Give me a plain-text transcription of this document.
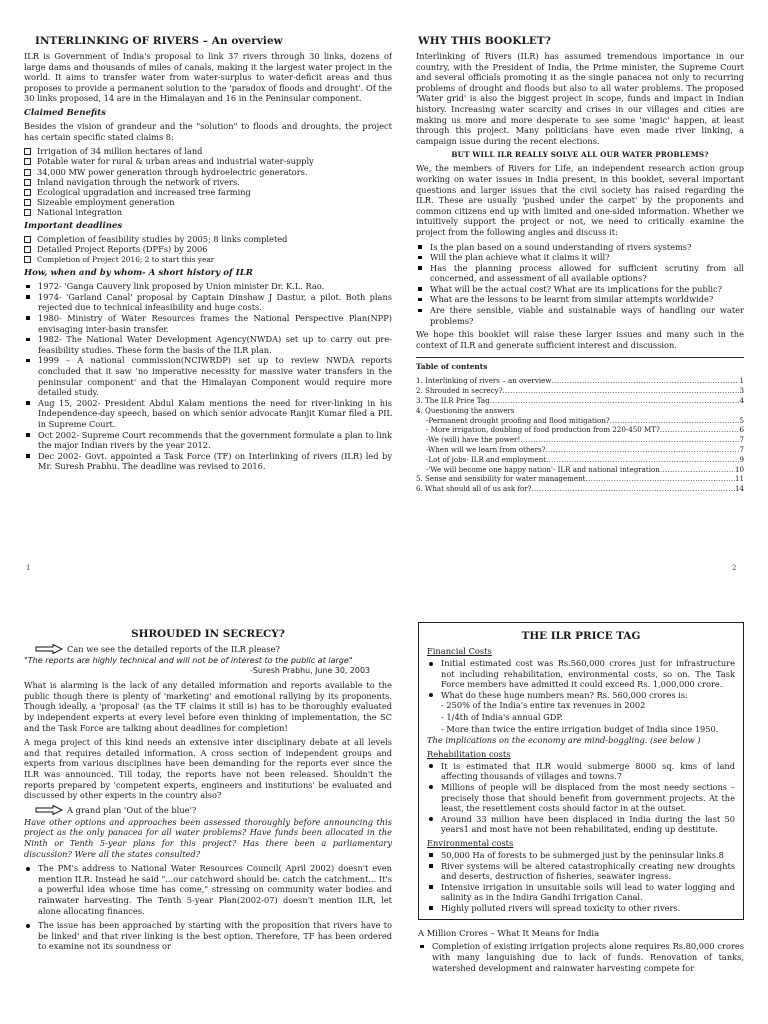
INTERLINKING OF RIVERS – An overview

ILR is Government of India's proposal to link 37 rivers through 30 links, dozens of large dams and thousands of miles of canals, making it the largest water project in the world. It aims to transfer water from water-surplus to water-deficit areas and thus proposes to provide a permanent solution to the 'paradox of floods and drought'. Of the 30 links proposed, 14 are in the Himalayan and 16 in the Peninsular component.

Claimed Benefits

Besides the vision of grandeur and the "solution" to floods and droughts, the project has certain specific stated claims 8:

Irrigation of 34 million hectares of land
Potable water for rural & urban areas and industrial water-supply
34,000 MW power generation through hydroelectric generators.
Inland navigation through the network of rivers.
Ecological upgradation and increased tree farming
Sizeable employment generation
National integration
Important deadlines
Completion of feasibility studies by 2005; 8 links completed
Detailed Project Reports (DPFs) by 2006
Completion of Project 2016; 2 to start this year
How, when and by whom- A short history of ILR
1972- 'Ganga Cauvery link proposed by Union minister Dr. K.L. Rao.
1974- 'Garland Canal' proposal by Captain Dinshaw J Dastur, a pilot. Both plans rejected due to technical infeasibility and huge costs.
1980- Ministry of Water Resources frames the National Perspective Plan(NPP) envisaging inter-basin transfer.
1982- The National Water Development Agency(NWDA) set up to carry out pre-feasibility studies. These form the basis of the ILR plan.
1999 – A national commission(NCIWRDP) set up to review NWDA reports concluded that it saw 'no imperative necessity for massive water transfers in the peninsular component' and that the Himalayan Component would require more detailed study.
Aug 15, 2002- President Abdul Kalam mentions the need for river-linking in his Independence-day speech, based on which senior advocate Ranjit Kumar filed a PIL in Supreme Court.
Oct 2002- Supreme Court recommends that the government formulate a plan to link the major Indian rivers by the year 2012.
Dec 2002- Govt. appointed a Task Force (TF) on Interlinking of rivers (ILR) led by Mr. Suresh Prabhu. The deadline was revised to 2016.
1
WHY THIS BOOKLET?

Interlinking of Rivers (ILR) has assumed tremendous importance in our country, with the President of India, the Prime minister, the Supreme Court and several officials promoting it as the single panacea not only to recurring problems of drought and floods but also to all water problems. The proposed 'Water grid' is also the biggest project in scope, funds and impact in Indian history. Increasing water scarcity and crises in our villages and cities are making us more and more desperate to see some 'magic' happen, at least through this project. Many politicians have even made river linking, a campaign issue during the recent elections.

BUT WILL ILR REALLY SOLVE ALL OUR WATER PROBLEMS?

We, the members of Rivers for Life, an independent research action group working on water issues in India present, in this booklet, several important questions and larger issues that the civil society has raised regarding the ILR. These are usually 'pushed under the carpet' by the proponents and common citizens end up with limited and one-sided information. Whether we intuitively support the project or not, we need to critically examine the project from the following angles and discuss it:

Is the plan based on a sound understanding of rivers systems?
Will the plan achieve what it claims it will?
Has the planning process allowed for sufficient scrutiny from all concerned, and assessment of all available options?
What will be the actual cost? What are its implications for the public?
What are the lessons to be learnt from similar attempts worldwide?
Are there sensible, viable and sustainable ways of handling our water problems?

We hope this booklet will raise these larger issues and many such in the context of ILR and generate sufficient interest and discussion.

Table of contents
1. Interlinking of rivers – an overview .....	1
2. Shrouded in secrecy? .....	3
3. The ILR Price Tag .....	4
4. Questioning the answers
-Permanent drought proofing and flood mitigation? .....	5
- More irrigation, doubling of food production from 220-450 MT? .....	6
-We (will) have the power! .....	7
-When will we learn from others? .....	7
-Lot of jobs- ILR and employment .....	9
-'We will become one happy nation'- ILR and national integration .....	10
5. Sense and sensibility for water management .....	11
6. What should all of us ask for? .....	14
2
SHROUDED IN SECRECY?
Can we see the detailed reports of the ILR please?
"The reports are highly technical and will not be of interest to the public at large"
-Suresh Prabhu, June 30, 2003

What is alarming is the lack of any detailed information and reports available to the public though there is plenty of 'marketing' and emotional rallying by its proponents. Though ideally, a 'proposal' (as the TF claims it still is) has to be thoroughly evaluated by independent experts at every level before even thinking of implementation, the SC and the Task Force are talking about deadlines for completion!

A mega project of this kind needs an extensive inter disciplinary debate at all levels and that requires detailed information. A cross section of independent groups and experts from various disciplines have been demanding for the reports ever since the ILR was announced. Till today, the reports have not been released. Shouldn't the reports prepared by 'competent experts, engineers and institutions' be evaluated and discussed by other experts in the country also?

A grand plan 'Out of the blue'?

Have other options and approaches been assessed thoroughly before announcing this project as the only panacea for all water problems? Have funds been allocated in the Ninth or Tenth 5-year plans for this project? Has there been a parliamentary discussion? Were all the states consulted?

The PM's address to National Water Resources Council( April 2002) doesn't even mention ILR. Instead he said "...our catchword should be: catch the catchment... It's a powerful idea whose time has come," stressing on community water bodies and rainwater harvesting. The Tenth 5-year Plan(2002-07) doesn't mention ILR, let alone allocating finances.
The issue has been approached by starting with the proposition that rivers have to be linked' and that river linking is the best option. Therefore, TF has been ordered to examine not its soundness or
THE ILR PRICE TAG
Financial Costs
Initial estimated cost was Rs.560,000 crores just for infrastructure not including rehabilitation, environmental costs, so on. The Task Force members have admitted it could exceed Rs. 1,000,000 crore.
What do these huge numbers mean? Rs. 560,000 crores is:
- 250% of the India's entire tax revenues in 2002
- 1/4th of India's annual GDP.
- More than twice the entire irrigation budget of India since 1950.
The implications on the economy are mind-boggling. (see below )
Rehabilitation costs
It is estimated that ILR would submerge 8000 sq. kms of land affecting thousands of villages and towns.7
Millions of people will be displaced from the most needy sections – precisely those that should benefit from government projects. At the least, the resettlement costs should factor in at the outset.
Around 33 million have been displaced in India during the last 50 years1 and most have not been rehabilitated, ending up destitute.
Environmental costs
50,000 Ha of forests to be submerged just by the peninsular links.8
River systems will be altered catastrophically creating new droughts and deserts, destruction of fisheries, seawater ingress.
Intensive irrigation in unsuitable soils will lead to water logging and salinity as in the Indira Gandhi Irrigation Canal.
Highly polluted rivers will spread toxicity to other rivers.
A Million Crores – What It Means for India
Completion of existing irrigation projects alone requires Rs.80,000 crores with many languishing due to lack of funds. Renovation of tanks, watershed development and rainwater harvesting compete for
